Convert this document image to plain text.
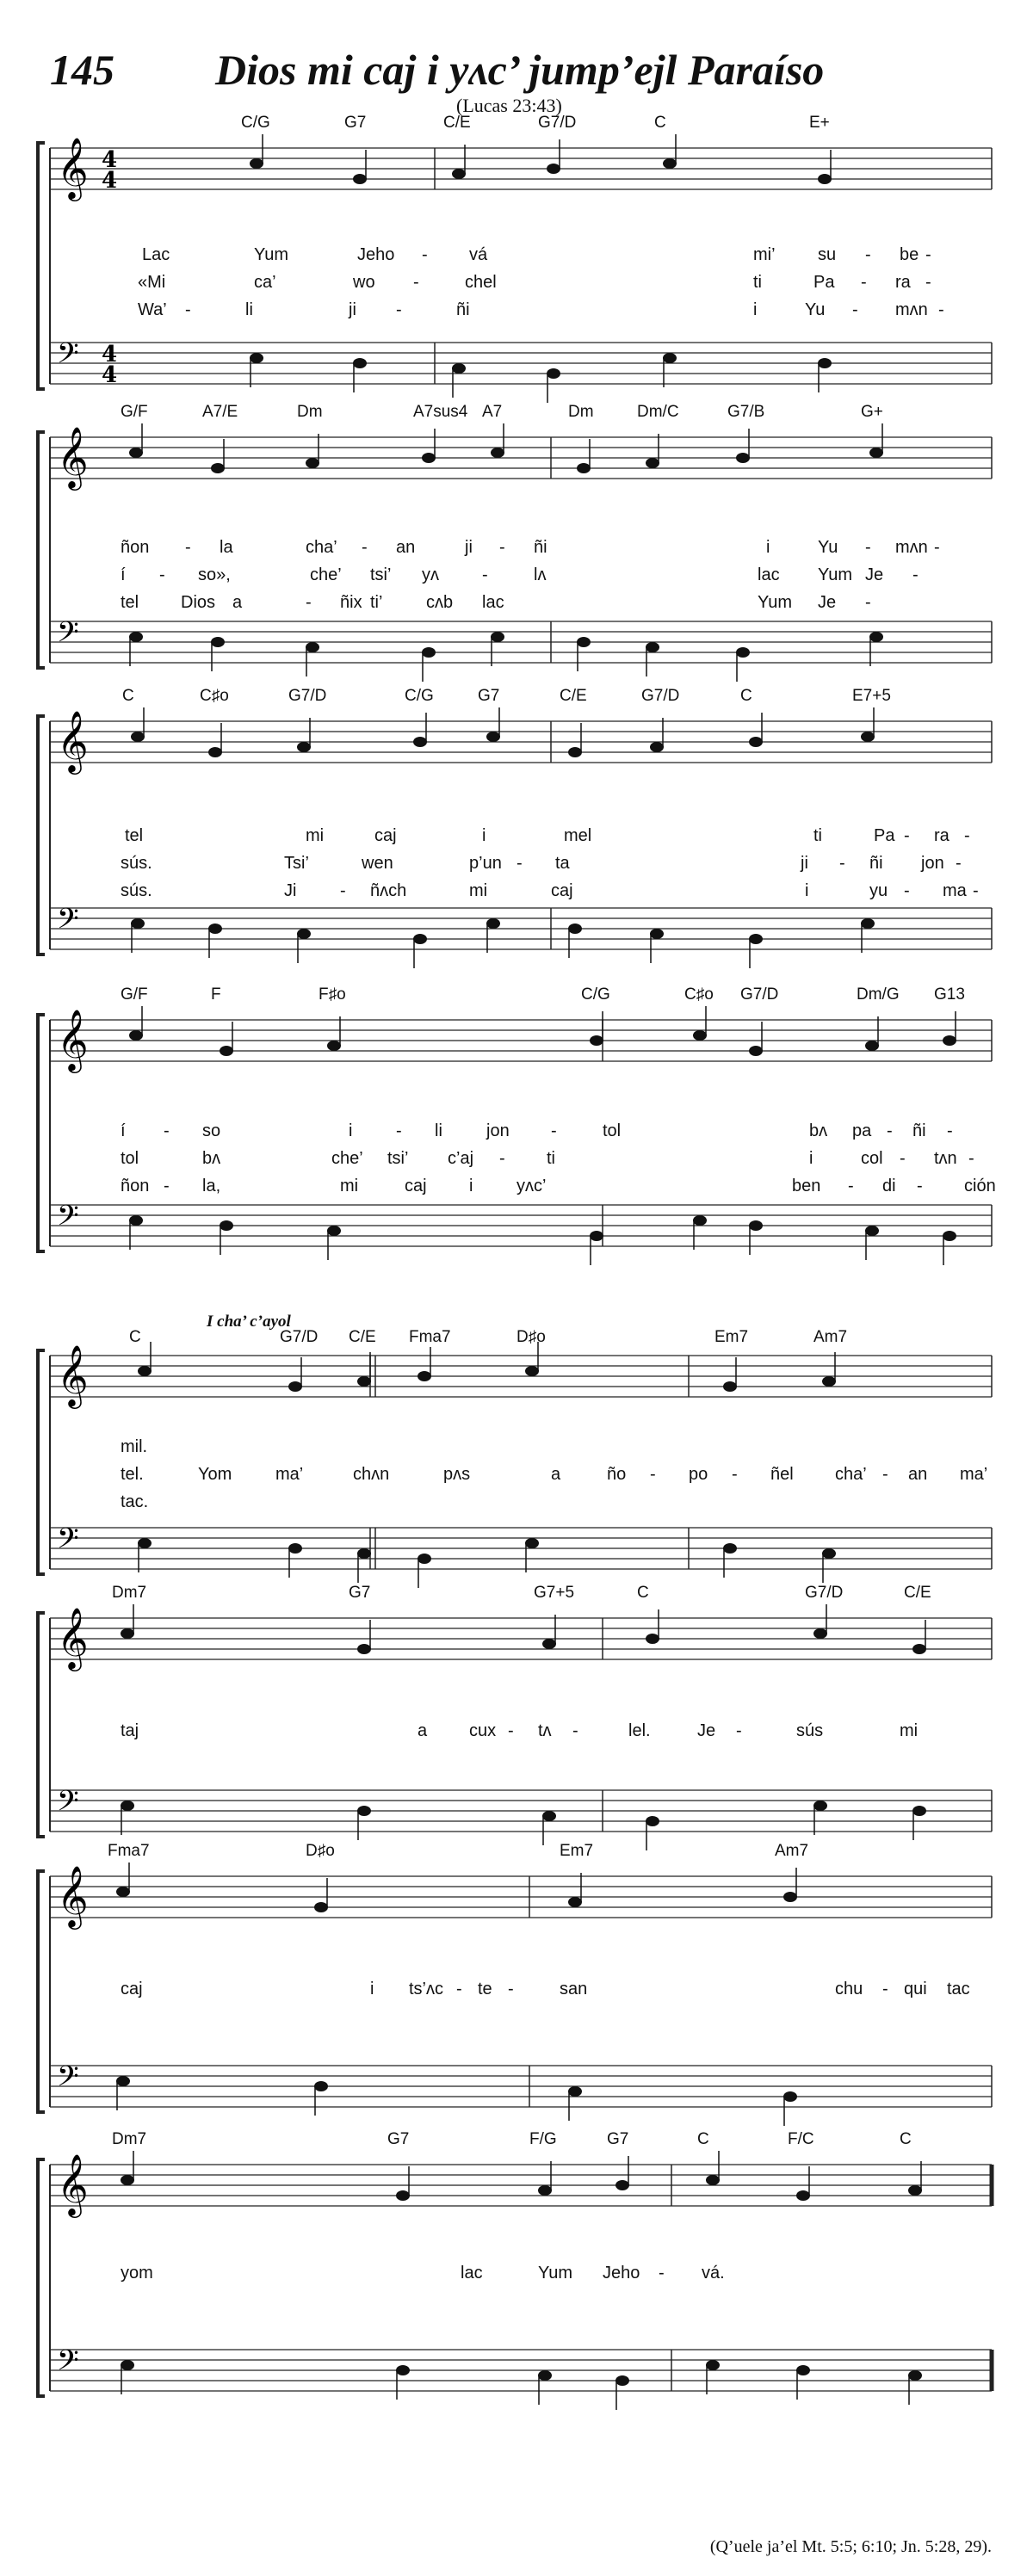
145 Dios mi caj i yʌc’ jumpʼejl Paraíso
(Lucas 23:43)
𝄞
𝄢
4
4
4
4
C/G	G7	C/E	G7/D	C	E+
Lac	Yum	Jeho - vá	mi’ su - be -
«Mi	ca’	wo -	chel	ti	Pa - ra -
Wa’ -	li	ji -	ñi	i	Yu - mʌn -
𝄞
𝄢
G/F	A7/E	Dm	A7sus4 A7	Dm	Dm/C	G7/B	G+
ñon - la	cha’ - an	ji - ñi	i	Yu - mʌn -
í - so»,	che’ tsi’ yʌ	-	lʌ	lac Yum Je -
tel Dios a	- ñix ti’	cʌb lac	Yum Je -
𝄞
𝄢
C	C♯o	G7/D	C/G	G7	C/E	G7/D	C	E7+5
tel	mi	caj	i	mel	ti	Pa - ra -
sús.	Tsi’	wen	p’un - ta	ji - ñi jon -
sús.	Ji	- ñʌch	mi	caj	i	yu - ma -
𝄞
𝄢
G/F	F	F♯o	C/G	C♯o G7/D	Dm/G G13
í - so	i	- li	jon -	tol	bʌ pa - ñi -
tol	bʌ	che’ tsi’ c’aj - ti	i	col - tʌn -
ñon - la,	mi	caj i	yʌc’	ben - di - ción
𝄞
𝄢
I cha’ c’ayol
C	G7/D C/E Fma7	D♯o	Em7	Am7
mil.
tel.	Yom	ma’	chʌn	pʌs	a	ño - po - ñel cha’ - an ma’
tac.
𝄞
𝄢
Dm7	G7	G7+5	C	G7/D	C/E
taj	a cux - tʌ -	lel.	Je -	sús	mi
𝄞
𝄢
Fma7	D♯o	Em7	Am7
caj	i ts’ʌc - te -	san	chu - qui tac
𝄞
𝄢
Dm7	G7	F/G	G7	C	F/C	C
yom	lac	Yum Jeho - vá.
(Q’uele ja’el Mt. 5:5; 6:10; Jn. 5:28, 29).
